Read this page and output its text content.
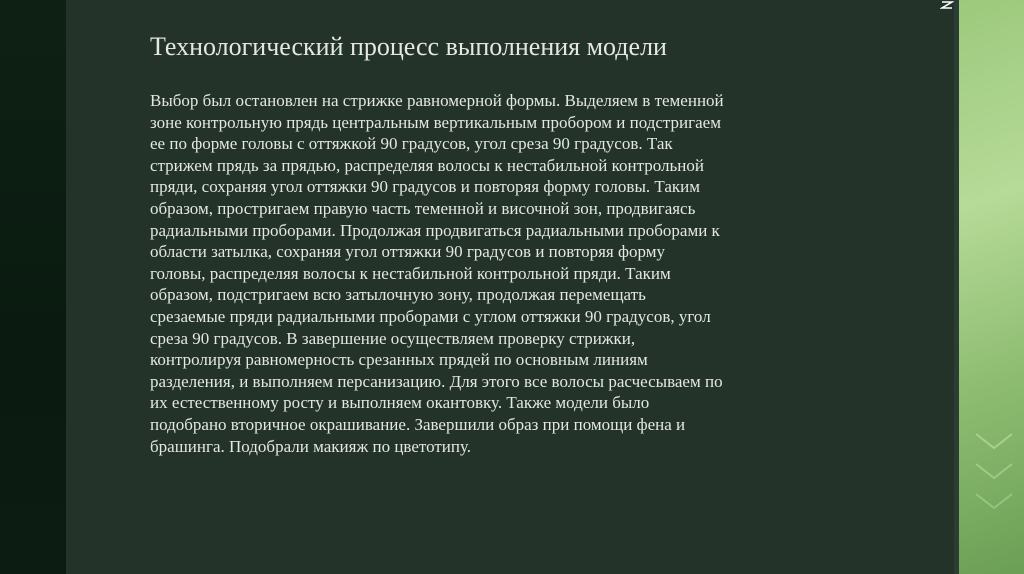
Технологический процесс выполнения модели

Выбор был остановлен на стрижке равномерной формы. Выделяем в теменной
зоне контрольную прядь центральным вертикальным пробором и подстригаем
ее по форме головы с оттяжкой 90 градусов, угол среза 90 градусов. Так
стрижем прядь за прядью, распределяя волосы к нестабильной контрольной
пряди, сохраняя угол оттяжки 90 градусов и повторяя форму головы. Таким
образом, простригаем правую часть теменной и височной зон, продвигаясь
радиальными проборами. Продолжая продвигаться радиальными проборами к
области затылка, сохраняя угол оттяжки 90 градусов и повторяя форму
головы, распределяя волосы к нестабильной контрольной пряди. Таким
образом, подстригаем всю затылочную зону, продолжая перемещать
срезаемые пряди радиальными проборами с углом оттяжки 90 градусов, угол
среза 90 градусов. В завершение осуществляем проверку стрижки,
контролируя равномерность срезанных прядей по основным линиям
разделения, и выполняем персанизацию. Для этого все волосы расчесываем по
их естественному росту и выполняем окантовку. Также модели было
подобрано вторичное окрашивание. Завершили образ при помощи фена и
брашинга. Подобрали макияж по цветотипу.
